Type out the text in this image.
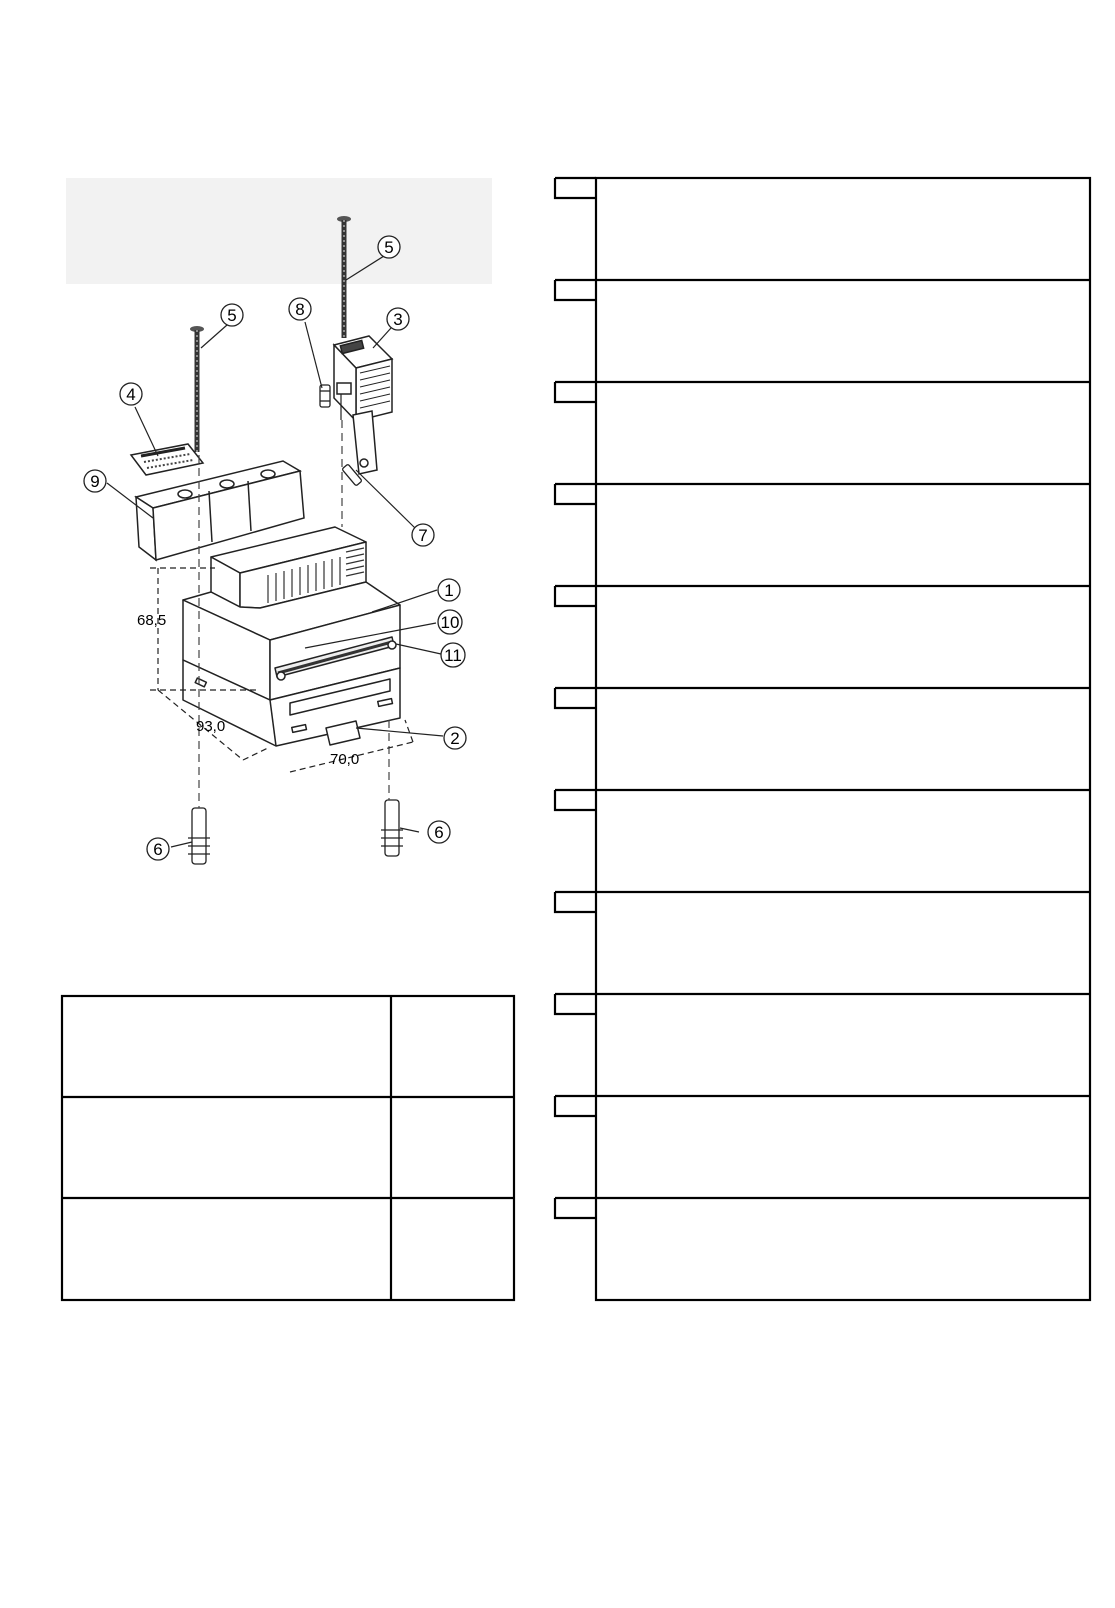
68,5
93,0
70,0
5
5
3
8
4
9
7
1
10
11
2
6
6
